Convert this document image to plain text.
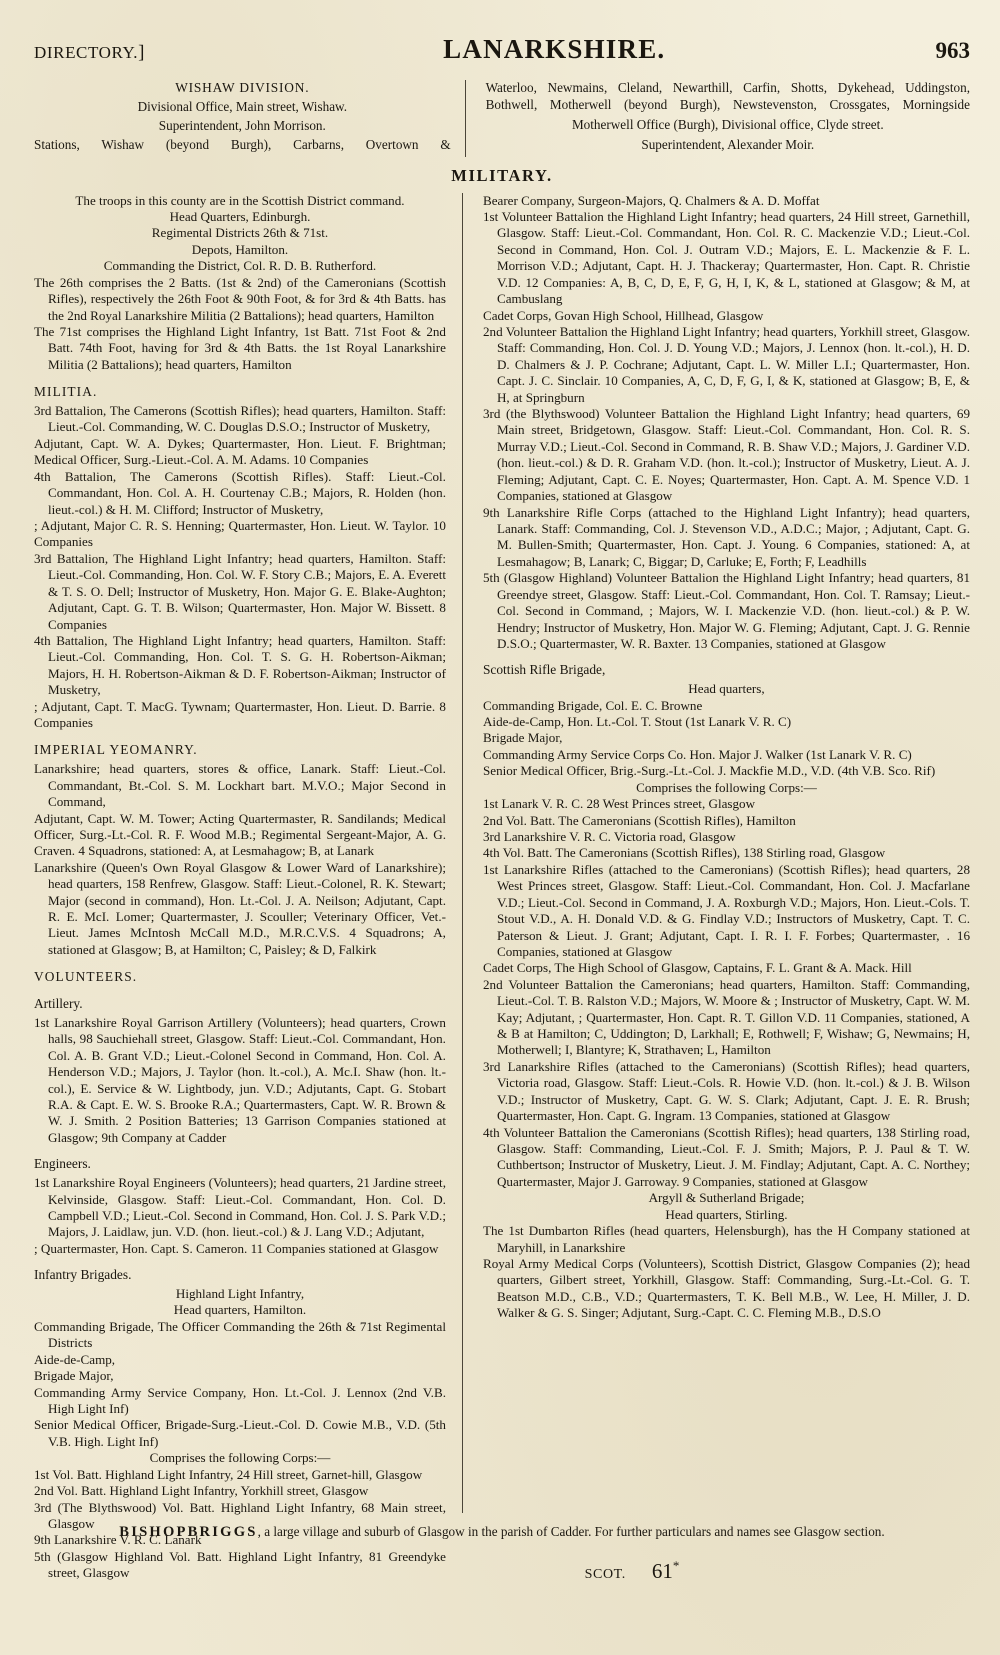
DIRECTORY.]	LANARKSHIRE.	963
WISHAW DIVISION.
Divisional Office, Main street, Wishaw.
Superintendent, John Morrison.
Stations, Wishaw (beyond Burgh), Carbarns, Overtown &

Waterloo, Newmains, Cleland, Newarthill, Carfin, Shotts, Dykehead, Uddingston, Bothwell, Motherwell (beyond Burgh), Newstevenston, Crossgates, Morningside

Motherwell Office (Burgh), Divisional office, Clyde street.

Superintendent, Alexander Moir.

MILITARY.

The troops in this county are in the Scottish District command.

Head Quarters, Edinburgh.

Regimental Districts 26th & 71st.

Depots, Hamilton.

Commanding the District, Col. R. D. B. Rutherford.

The 26th comprises the 2 Batts. (1st & 2nd) of the Cameronians (Scottish Rifles), respectively the 26th Foot & 90th Foot, & for 3rd & 4th Batts. has the 2nd Royal Lanarkshire Militia (2 Battalions); head quarters, Hamilton

The 71st comprises the Highland Light Infantry, 1st Batt. 71st Foot & 2nd Batt. 74th Foot, having for 3rd & 4th Batts. the 1st Royal Lanarkshire Militia (2 Battalions); head quarters, Hamilton

MILITIA.

3rd Battalion, The Camerons (Scottish Rifles); head quarters, Hamilton. Staff: Lieut.-Col. Commanding, W. C. Douglas D.S.O.; Instructor of Musketry,

Adjutant, Capt. W. A. Dykes; Quartermaster, Hon. Lieut. F. Brightman; Medical Officer, Surg.-Lieut.-Col. A. M. Adams. 10 Companies

4th Battalion, The Camerons (Scottish Rifles). Staff: Lieut.-Col. Commandant, Hon. Col. A. H. Courtenay C.B.; Majors, R. Holden (hon. lieut.-col.) & H. M. Clifford; Instructor of Musketry,

; Adjutant, Major C. R. S. Henning; Quartermaster, Hon. Lieut. W. Taylor. 10 Companies

3rd Battalion, The Highland Light Infantry; head quarters, Hamilton. Staff: Lieut.-Col. Commanding, Hon. Col. W. F. Story C.B.; Majors, E. A. Everett & T. S. O. Dell; Instructor of Musketry, Hon. Major G. E. Blake-Aughton; Adjutant, Capt. G. T. B. Wilson; Quartermaster, Hon. Major W. Bissett. 8 Companies

4th Battalion, The Highland Light Infantry; head quarters, Hamilton. Staff: Lieut.-Col. Commanding, Hon. Col. T. S. G. H. Robertson-Aikman; Majors, H. H. Robertson-Aikman & D. F. Robertson-Aikman; Instructor of Musketry,

; Adjutant, Capt. T. MacG. Tywnam; Quartermaster, Hon. Lieut. D. Barrie. 8 Companies

IMPERIAL YEOMANRY.

Lanarkshire; head quarters, stores & office, Lanark. Staff: Lieut.-Col. Commandant, Bt.-Col. S. M. Lockhart bart. M.V.O.; Major Second in Command,

Adjutant, Capt. W. M. Tower; Acting Quartermaster, R. Sandilands; Medical Officer, Surg.-Lt.-Col. R. F. Wood M.B.; Regimental Sergeant-Major, A. G. Craven. 4 Squadrons, stationed: A, at Lesmahagow; B, at Lanark

Lanarkshire (Queen's Own Royal Glasgow & Lower Ward of Lanarkshire); head quarters, 158 Renfrew, Glasgow. Staff: Lieut.-Colonel, R. K. Stewart; Major (second in command), Hon. Lt.-Col. J. A. Neilson; Adjutant, Capt. R. E. McI. Lomer; Quartermaster, J. Scouller; Veterinary Officer, Vet.-Lieut. James McIntosh McCall M.D., M.R.C.V.S. 4 Squadrons; A, stationed at Glasgow; B, at Hamilton; C, Paisley; & D, Falkirk

VOLUNTEERS.

Artillery.

1st Lanarkshire Royal Garrison Artillery (Volunteers); head quarters, Crown halls, 98 Sauchiehall street, Glasgow. Staff: Lieut.-Col. Commandant, Hon. Col. A. B. Grant V.D.; Lieut.-Colonel Second in Command, Hon. Col. A. Henderson V.D.; Majors, J. Taylor (hon. lt.-col.), A. Mc.I. Shaw (hon. lt.-col.), E. Service & W. Lightbody, jun. V.D.; Adjutants, Capt. G. Stobart R.A. & Capt. E. W. S. Brooke R.A.; Quartermasters, Capt. W. R. Brown & W. J. Smith. 2 Position Batteries; 13 Garrison Companies stationed at Glasgow; 9th Company at Cadder

Engineers.

1st Lanarkshire Royal Engineers (Volunteers); head quarters, 21 Jardine street, Kelvinside, Glasgow. Staff: Lieut.-Col. Commandant, Hon. Col. D. Campbell V.D.; Lieut.-Col. Second in Command, Hon. Col. J. S. Park V.D.; Majors, J. Laidlaw, jun. V.D. (hon. lieut.-col.) & J. Lang V.D.; Adjutant,

; Quartermaster, Hon. Capt. S. Cameron. 11 Companies stationed at Glasgow

Infantry Brigades.

Highland Light Infantry,

Head quarters, Hamilton.

Commanding Brigade, The Officer Commanding the 26th & 71st Regimental Districts

Aide-de-Camp,

Brigade Major,

Commanding Army Service Company, Hon. Lt.-Col. J. Lennox (2nd V.B. High Light Inf)

Senior Medical Officer, Brigade-Surg.-Lieut.-Col. D. Cowie M.B., V.D. (5th V.B. High. Light Inf)

Comprises the following Corps:—

1st Vol. Batt. Highland Light Infantry, 24 Hill street, Garnet-hill, Glasgow

2nd Vol. Batt. Highland Light Infantry, Yorkhill street, Glasgow

3rd (The Blythswood) Vol. Batt. Highland Light Infantry, 68 Main street, Glasgow

9th Lanarkshire V. R. C. Lanark

5th (Glasgow Highland Vol. Batt. Highland Light Infantry, 81 Greendyke street, Glasgow

Bearer Company, Surgeon-Majors, Q. Chalmers & A. D. Moffat

1st Volunteer Battalion the Highland Light Infantry; head quarters, 24 Hill street, Garnethill, Glasgow. Staff: Lieut.-Col. Commandant, Hon. Col. R. C. Mackenzie V.D.; Lieut.-Col. Second in Command, Hon. Col. J. Outram V.D.; Majors, E. L. Mackenzie & F. L. Morrison V.D.; Adjutant, Capt. H. J. Thackeray; Quartermaster, Hon. Capt. R. Christie V.D. 12 Companies: A, B, C, D, E, F, G, H, I, K, & L, stationed at Glasgow; & M, at Cambuslang

Cadet Corps, Govan High School, Hillhead, Glasgow

2nd Volunteer Battalion the Highland Light Infantry; head quarters, Yorkhill street, Glasgow. Staff: Commanding, Hon. Col. J. D. Young V.D.; Majors, J. Lennox (hon. lt.-col.), H. D. D. Chalmers & J. P. Cochrane; Adjutant, Capt. L. W. Miller L.I.; Quartermaster, Hon. Capt. J. C. Sinclair. 10 Companies, A, C, D, F, G, I, & K, stationed at Glasgow; B, E, & H, at Springburn

3rd (the Blythswood) Volunteer Battalion the Highland Light Infantry; head quarters, 69 Main street, Bridgetown, Glasgow. Staff: Lieut.-Col. Commandant, Hon. Col. R. S. Murray V.D.; Lieut.-Col. Second in Command, R. B. Shaw V.D.; Majors, J. Gardiner V.D. (hon. lieut.-col.) & D. R. Graham V.D. (hon. lt.-col.); Instructor of Musketry, Lieut. A. J. Fleming; Adjutant, Capt. C. E. Noyes; Quartermaster, Hon. Capt. A. M. Spence V.D. 1 Companies, stationed at Glasgow

9th Lanarkshire Rifle Corps (attached to the Highland Light Infantry); head quarters, Lanark. Staff: Commanding, Col. J. Stevenson V.D., A.D.C.; Major, ; Adjutant, Capt. G. M. Bullen-Smith; Quartermaster, Hon. Capt. J. Young. 6 Companies, stationed: A, at Lesmahagow; B, Lanark; C, Biggar; D, Carluke; E, Forth; F, Leadhills

5th (Glasgow Highland) Volunteer Battalion the Highland Light Infantry; head quarters, 81 Greendye street, Glasgow. Staff: Lieut.-Col. Commandant, Hon. Col. T. Ramsay; Lieut.-Col. Second in Command, ; Majors, W. I. Mackenzie V.D. (hon. lieut.-col.) & P. W. Hendry; Instructor of Musketry, Hon. Major W. G. Fleming; Adjutant, Capt. J. G. Rennie D.S.O.; Quartermaster, W. R. Baxter. 13 Companies, stationed at Glasgow

Scottish Rifle Brigade,

Head quarters,

Commanding Brigade, Col. E. C. Browne

Aide-de-Camp, Hon. Lt.-Col. T. Stout (1st Lanark V. R. C)

Brigade Major,

Commanding Army Service Corps Co. Hon. Major J. Walker (1st Lanark V. R. C)

Senior Medical Officer, Brig.-Surg.-Lt.-Col. J. Mackfie M.D., V.D. (4th V.B. Sco. Rif)

Comprises the following Corps:—

1st Lanark V. R. C. 28 West Princes street, Glasgow

2nd Vol. Batt. The Cameronians (Scottish Rifles), Hamilton

3rd Lanarkshire V. R. C. Victoria road, Glasgow

4th Vol. Batt. The Cameronians (Scottish Rifles), 138 Stirling road, Glasgow

1st Lanarkshire Rifles (attached to the Cameronians) (Scottish Rifles); head quarters, 28 West Princes street, Glasgow. Staff: Lieut.-Col. Commandant, Hon. Col. J. Macfarlane V.D.; Lieut.-Col. Second in Command, J. A. Roxburgh V.D.; Majors, Hon. Lieut.-Cols. T. Stout V.D., A. H. Donald V.D. & G. Findlay V.D.; Instructors of Musketry, Capt. T. C. Paterson & Lieut. J. Grant; Adjutant, Capt. I. R. I. F. Forbes; Quartermaster, . 16 Companies, stationed at Glasgow

Cadet Corps, The High School of Glasgow, Captains, F. L. Grant & A. Mack. Hill

2nd Volunteer Battalion the Cameronians; head quarters, Hamilton. Staff: Commanding, Lieut.-Col. T. B. Ralston V.D.; Majors, W. Moore & ; Instructor of Musketry, Capt. W. M. Kay; Adjutant, ; Quartermaster, Hon. Capt. R. T. Gillon V.D. 11 Companies, stationed, A & B at Hamilton; C, Uddington; D, Larkhall; E, Rothwell; F, Wishaw; G, Newmains; H, Motherwell; I, Blantyre; K, Strathaven; L, Hamilton

3rd Lanarkshire Rifles (attached to the Cameronians) (Scottish Rifles); head quarters, Victoria road, Glasgow. Staff: Lieut.-Cols. R. Howie V.D. (hon. lt.-col.) & J. B. Wilson V.D.; Instructor of Musketry, Capt. G. W. S. Clark; Adjutant, Capt. J. E. R. Brush; Quartermaster, Hon. Capt. G. Ingram. 13 Companies, stationed at Glasgow

4th Volunteer Battalion the Cameronians (Scottish Rifles); head quarters, 138 Stirling road, Glasgow. Staff: Commanding, Lieut.-Col. F. J. Smith; Majors, P. J. Paul & T. W. Cuthbertson; Instructor of Musketry, Lieut. J. M. Findlay; Adjutant, Capt. A. C. Northey; Quartermaster, Major J. Garroway. 9 Companies, stationed at Glasgow

Argyll & Sutherland Brigade;

Head quarters, Stirling.

The 1st Dumbarton Rifles (head quarters, Helensburgh), has the H Company stationed at Maryhill, in Lanarkshire

Royal Army Medical Corps (Volunteers), Scottish District, Glasgow Companies (2); head quarters, Gilbert street, Yorkhill, Glasgow. Staff: Commanding, Surg.-Lt.-Col. G. T. Beatson M.D., C.B., V.D.; Quartermasters, T. K. Bell M.B., W. Lee, H. Miller, J. D. Walker & G. S. Singer; Adjutant, Surg.-Capt. C. C. Fleming M.B., D.S.O

BISHOPBRIGGS, a large village and suburb of Glasgow in the parish of Cadder. For further particulars and names see Glasgow section.
SCOT. 61*
